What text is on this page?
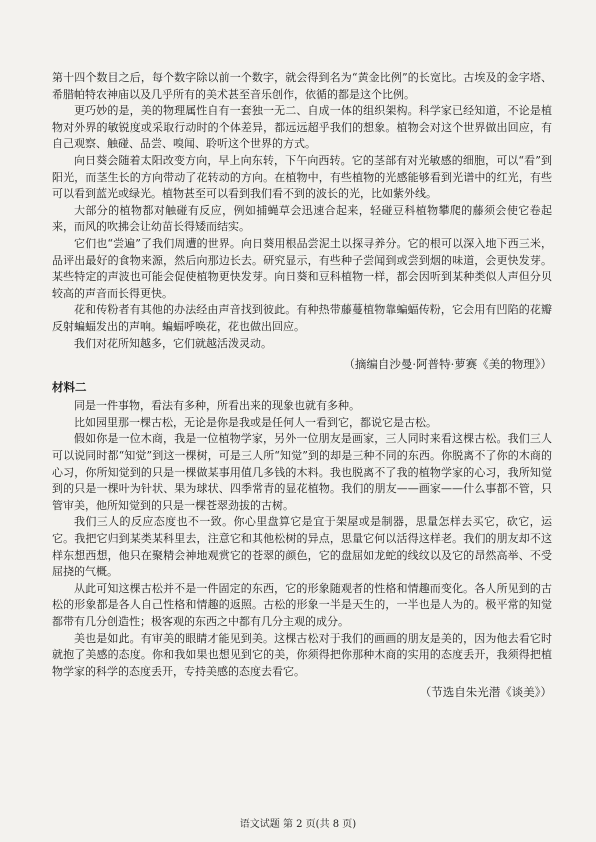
第十四个数目之后，每个数字除以前一个数字，就会得到名为“黄金比例”的长宽比。古埃及的金字塔、希腊帕特农神庙以及几乎所有的美术甚至音乐创作，依循的都是这个比例。

更巧妙的是，美的物理属性自有一套独一无二、自成一体的组织架构。科学家已经知道，不论是植物对外界的敏锐度或采取行动时的个体差异，都远远超乎我们的想象。植物会对这个世界做出回应，有自己观察、触碰、品尝、嗅闻、聆听这个世界的方式。

向日葵会随着太阳改变方向，早上向东转，下午向西转。它的茎部有对光敏感的细胞，可以“看”到阳光，而茎生长的方向带动了花转动的方向。在植物中，有些植物的光感能够看到光谱中的红光，有些可以看到蓝光或绿光。植物甚至可以看到我们看不到的波长的光，比如紫外线。

大部分的植物都对触碰有反应，例如捕蝇草会迅速合起来，轻碰豆科植物攀爬的藤须会使它卷起来，而风的吹拂会让幼苗长得矮而结实。

它们也“尝遍”了我们周遭的世界。向日葵用根品尝泥土以探寻养分。它的根可以深入地下西三米，品评出最好的食物来源，然后向那边长去。研究显示，有些种子尝闻到或尝到烟的味道，会更快发芽。某些特定的声波也可能会促使植物更快发芽。向日葵和豆科植物一样，都会因听到某种类似人声但分贝较高的声音而长得更快。

花和传粉者有其他的办法经由声音找到彼此。有种热带藤蔓植物靠蝙蝠传粉，它会用有凹陷的花瓣反射蝙蝠发出的声响。蝙蝠呼唤花，花也做出回应。

我们对花所知越多，它们就越活泼灵动。

（摘编自沙曼·阿普特·萝赛《美的物理》）

材料二

同是一件事物，看法有多种，所看出来的现象也就有多种。

比如园里那一棵古松，无论是你是我或是任何人一看到它，都说它是古松。

假如你是一位木商，我是一位植物学家，另外一位朋友是画家，三人同时来看这棵古松。我们三人可以说同时都“知觉”到这一棵树，可是三人所“知觉”到的却是三种不同的东西。你脱离不了你的木商的心习，你所知觉到的只是一棵做某事用值几多钱的木料。我也脱离不了我的植物学家的心习，我所知觉到的只是一棵叶为针状、果为球状、四季常青的显花植物。我们的朋友——画家——什么事都不管，只管审美，他所知觉到的只是一棵苍翠劲拔的古树。

我们三人的反应态度也不一致。你心里盘算它是宜于架屋或是制器，思量怎样去买它，砍它，运它。我把它归到某类某科里去，注意它和其他松树的异点，思量它何以活得这样老。我们的朋友却不这样东想西想，他只在聚精会神地观赏它的苍翠的颜色，它的盘屈如龙蛇的线纹以及它的昂然高举、不受屈挠的气概。

从此可知这棵古松并不是一件固定的东西，它的形象随观者的性格和情趣而变化。各人所见到的古松的形象都是各人自己性格和情趣的返照。古松的形象一半是天生的，一半也是人为的。极平常的知觉都带有几分创造性；极客观的东西之中都有几分主观的成分。

美也是如此。有审美的眼睛才能见到美。这棵古松对于我们的画画的朋友是美的，因为他去看它时就抱了美感的态度。你和我如果也想见到它的美，你须得把你那种木商的实用的态度丢开，我须得把植物学家的科学的态度丢开，专持美感的态度去看它。

（节选自朱光潜《谈美》）

语文试题 第 2 页(共 8 页)
